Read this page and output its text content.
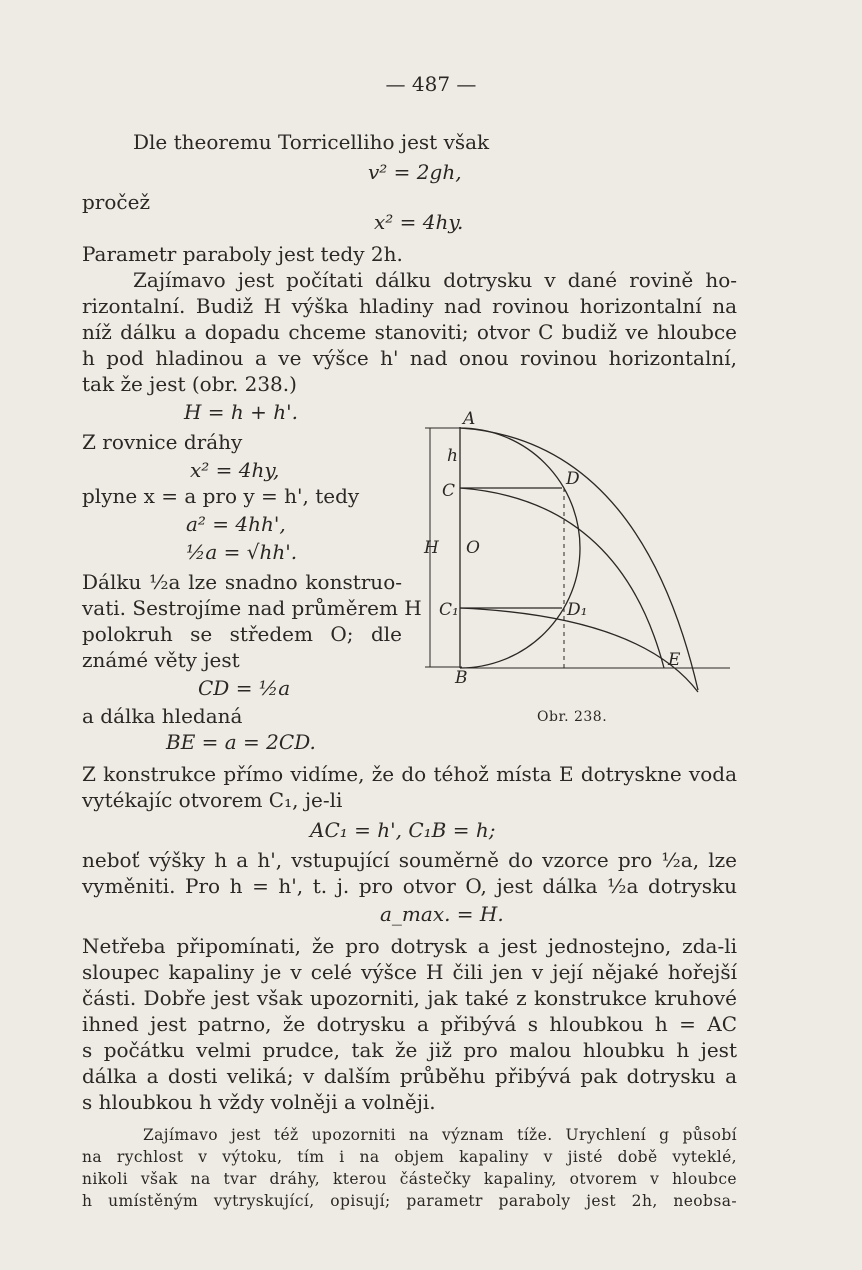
— 487 —
Dle theoremu Torricelliho jest však
v² = 2gh,
pročež
x² = 4hy.
Parametr paraboly jest tedy 2h.
Zajímavo jest počítati dálku dotrysku v dané rovině ho-
rizontalní. Budiž H výška hladiny nad rovinou horizontalní na
níž dálku a dopadu chceme stanoviti; otvor C budiž ve hloubce
h pod hladinou a ve výšce h' nad onou rovinou horizontalní,
tak že jest (obr. 238.)
H = h + h'.
Z rovnice dráhy
x² = 4hy,
plyne x = a pro y = h', tedy
a² = 4hh',
½a = √hh'.
Dálku ½a lze snadno konstruo-
vati. Sestrojíme nad průměrem H
polokruh se středem O; dle
známé věty jest
CD = ½a
a dálka hledaná
BE = a = 2CD.
Z konstrukce přímo vidíme, že do téhož místa E dotryskne voda
vytékajíc otvorem C₁, je-li
AC₁ = h', C₁B = h;
neboť výšky h a h', vstupující souměrně do vzorce pro ½a, lze
vyměniti. Pro h = h', t. j. pro otvor O, jest dálka ½a dotrysku
a_max. = H.
Netřeba připomínati, že pro dotrysk a jest jednostejno, zda-li
sloupec kapaliny je v celé výšce H čili jen v její nějaké hořejší
části. Dobře jest však upozorniti, jak také z konstrukce kruhové
ihned jest patrno, že dotrysku a přibývá s hloubkou h = AC
s počátku velmi prudce, tak že již pro malou hloubku h jest
dálka a dosti veliká; v dalším průběhu přibývá pak dotrysku a
s hloubkou h vždy volněji a volněji.
Zajímavo jest též upozorniti na význam tíže. Urychlení g působí
na rychlost v výtoku, tím i na objem kapaliny v jisté době vyteklé,
nikoli však na tvar dráhy, kterou částečky kapaliny, otvorem v hloubce
h umístěným vytryskující, opisují; parametr paraboly jest 2h, neobsa-
A
h
C
D
H O
C₁	D₁
E
B
Obr. 238.
